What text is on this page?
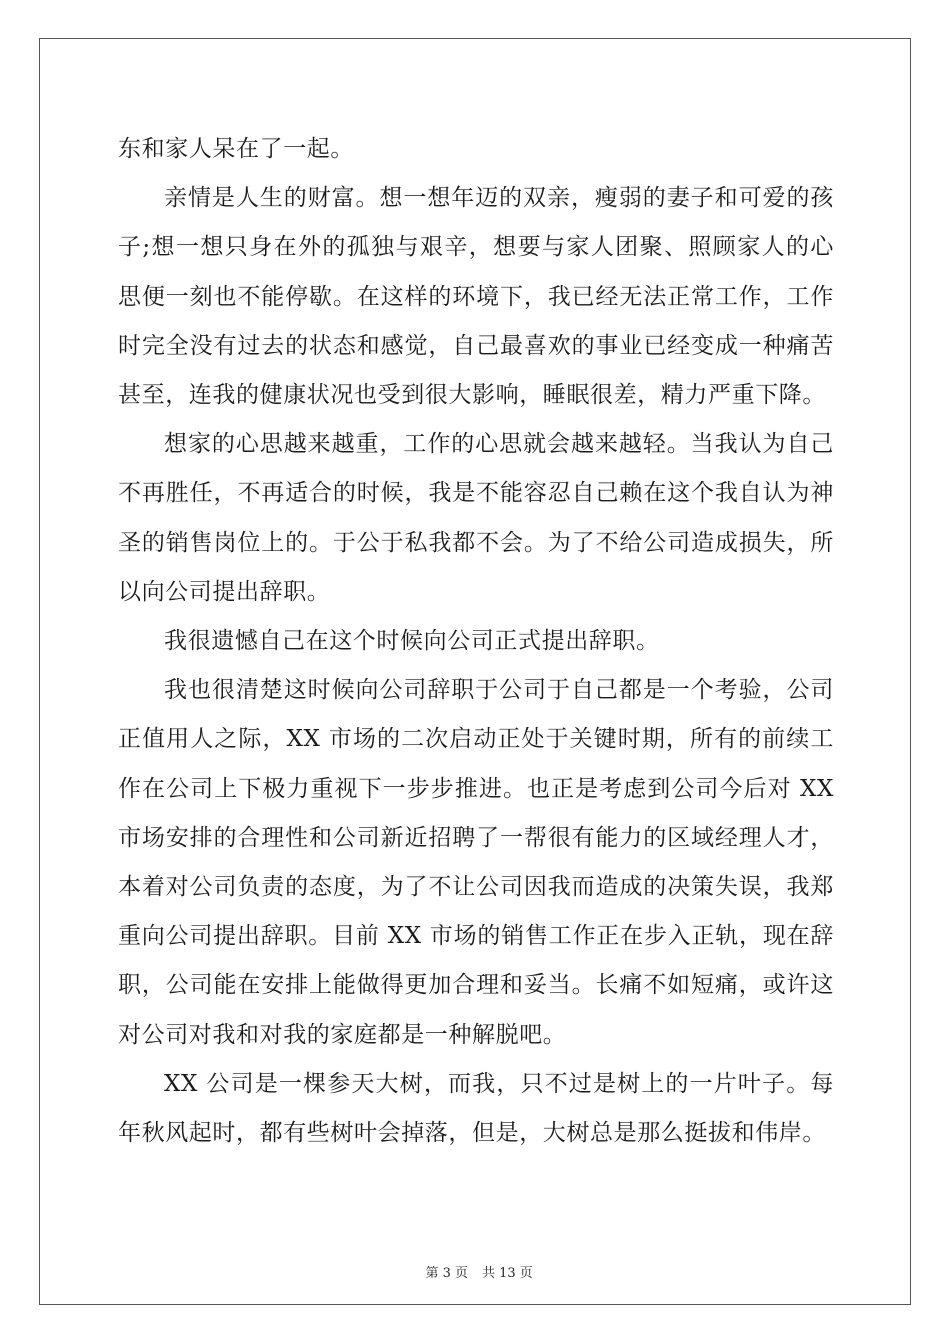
东和家人呆在了一起。

亲情是人生的财富。想一想年迈的双亲，瘦弱的妻子和可爱的孩子;想一想只身在外的孤独与艰辛，想要与家人团聚、照顾家人的心思便一刻也不能停歇。在这样的环境下，我已经无法正常工作，工作时完全没有过去的状态和感觉，自己最喜欢的事业已经变成一种痛苦甚至，连我的健康状况也受到很大影响，睡眠很差，精力严重下降。

想家的心思越来越重，工作的心思就会越来越轻。当我认为自己不再胜任，不再适合的时候，我是不能容忍自己赖在这个我自认为神圣的销售岗位上的。于公于私我都不会。为了不给公司造成损失，所以向公司提出辞职。

我很遗憾自己在这个时候向公司正式提出辞职。

我也很清楚这时候向公司辞职于公司于自己都是一个考验，公司正值用人之际，XX 市场的二次启动正处于关键时期，所有的前续工作在公司上下极力重视下一步步推进。也正是考虑到公司今后对 XX 市场安排的合理性和公司新近招聘了一帮很有能力的区域经理人才，本着对公司负责的态度，为了不让公司因我而造成的决策失误，我郑重向公司提出辞职。目前 XX 市场的销售工作正在步入正轨，现在辞职，公司能在安排上能做得更加合理和妥当。长痛不如短痛，或许这对公司对我和对我的家庭都是一种解脱吧。

XX 公司是一棵参天大树，而我，只不过是树上的一片叶子。每年秋风起时，都有些树叶会掉落，但是，大树总是那么挺拔和伟岸。

第 3 页 共 13 页
